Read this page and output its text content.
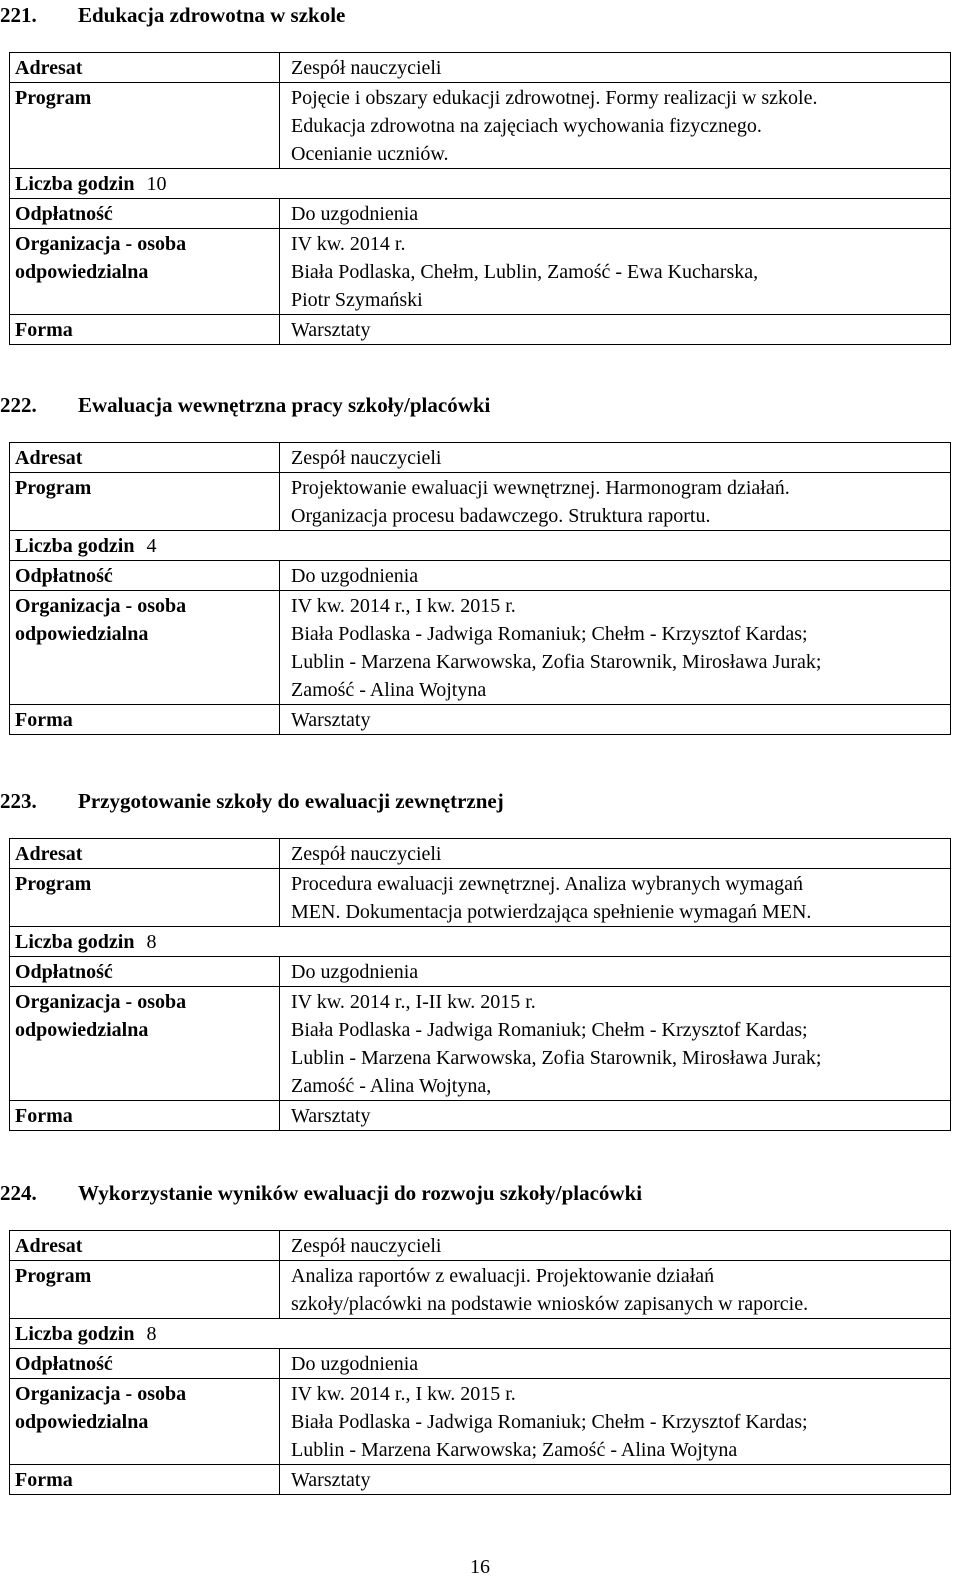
221. Edukacja zdrowotna w szkole
Adresat	Zespół nauczycieli

Program	Pojęcie i obszary edukacji zdrowotnej. Formy realizacji w szkole.
Edukacja zdrowotna na zajęciach wychowania fizycznego.
Ocenianie uczniów.

Liczba godzin 10	
Odpłatność	Do uzgodnienia

Organizacja - osoba
odpowiedzialna	IV kw. 2014 r.
Biała Podlaska, Chełm, Lublin, Zamość - Ewa Kucharska,
Piotr Szymański

Forma	Warsztaty
222. Ewaluacja wewnętrzna pracy szkoły/placówki
Adresat	Zespół nauczycieli

Program	Projektowanie ewaluacji wewnętrznej. Harmonogram działań.
Organizacja procesu badawczego. Struktura raportu.

Liczba godzin 4	
Odpłatność	Do uzgodnienia

Organizacja - osoba
odpowiedzialna	IV kw. 2014 r., I kw. 2015 r.
Biała Podlaska - Jadwiga Romaniuk; Chełm - Krzysztof Kardas;
Lublin - Marzena Karwowska, Zofia Starownik, Mirosława Jurak;
Zamość - Alina Wojtyna

Forma	Warsztaty
223. Przygotowanie szkoły do ewaluacji zewnętrznej
Adresat	Zespół nauczycieli

Program	Procedura ewaluacji zewnętrznej. Analiza wybranych wymagań
MEN. Dokumentacja potwierdzająca spełnienie wymagań MEN.

Liczba godzin 8	
Odpłatność	Do uzgodnienia

Organizacja - osoba
odpowiedzialna	IV kw. 2014 r., I-II kw. 2015 r.
Biała Podlaska - Jadwiga Romaniuk; Chełm - Krzysztof Kardas;
Lublin - Marzena Karwowska, Zofia Starownik, Mirosława Jurak;
Zamość - Alina Wojtyna,

Forma	Warsztaty
224. Wykorzystanie wyników ewaluacji do rozwoju szkoły/placówki
Adresat	Zespół nauczycieli

Program	Analiza raportów z ewaluacji. Projektowanie działań
szkoły/placówki na podstawie wniosków zapisanych w raporcie.

Liczba godzin 8	
Odpłatność	Do uzgodnienia

Organizacja - osoba
odpowiedzialna	IV kw. 2014 r., I kw. 2015 r.
Biała Podlaska - Jadwiga Romaniuk; Chełm - Krzysztof Kardas;
Lublin - Marzena Karwowska; Zamość - Alina Wojtyna

Forma	Warsztaty
16
